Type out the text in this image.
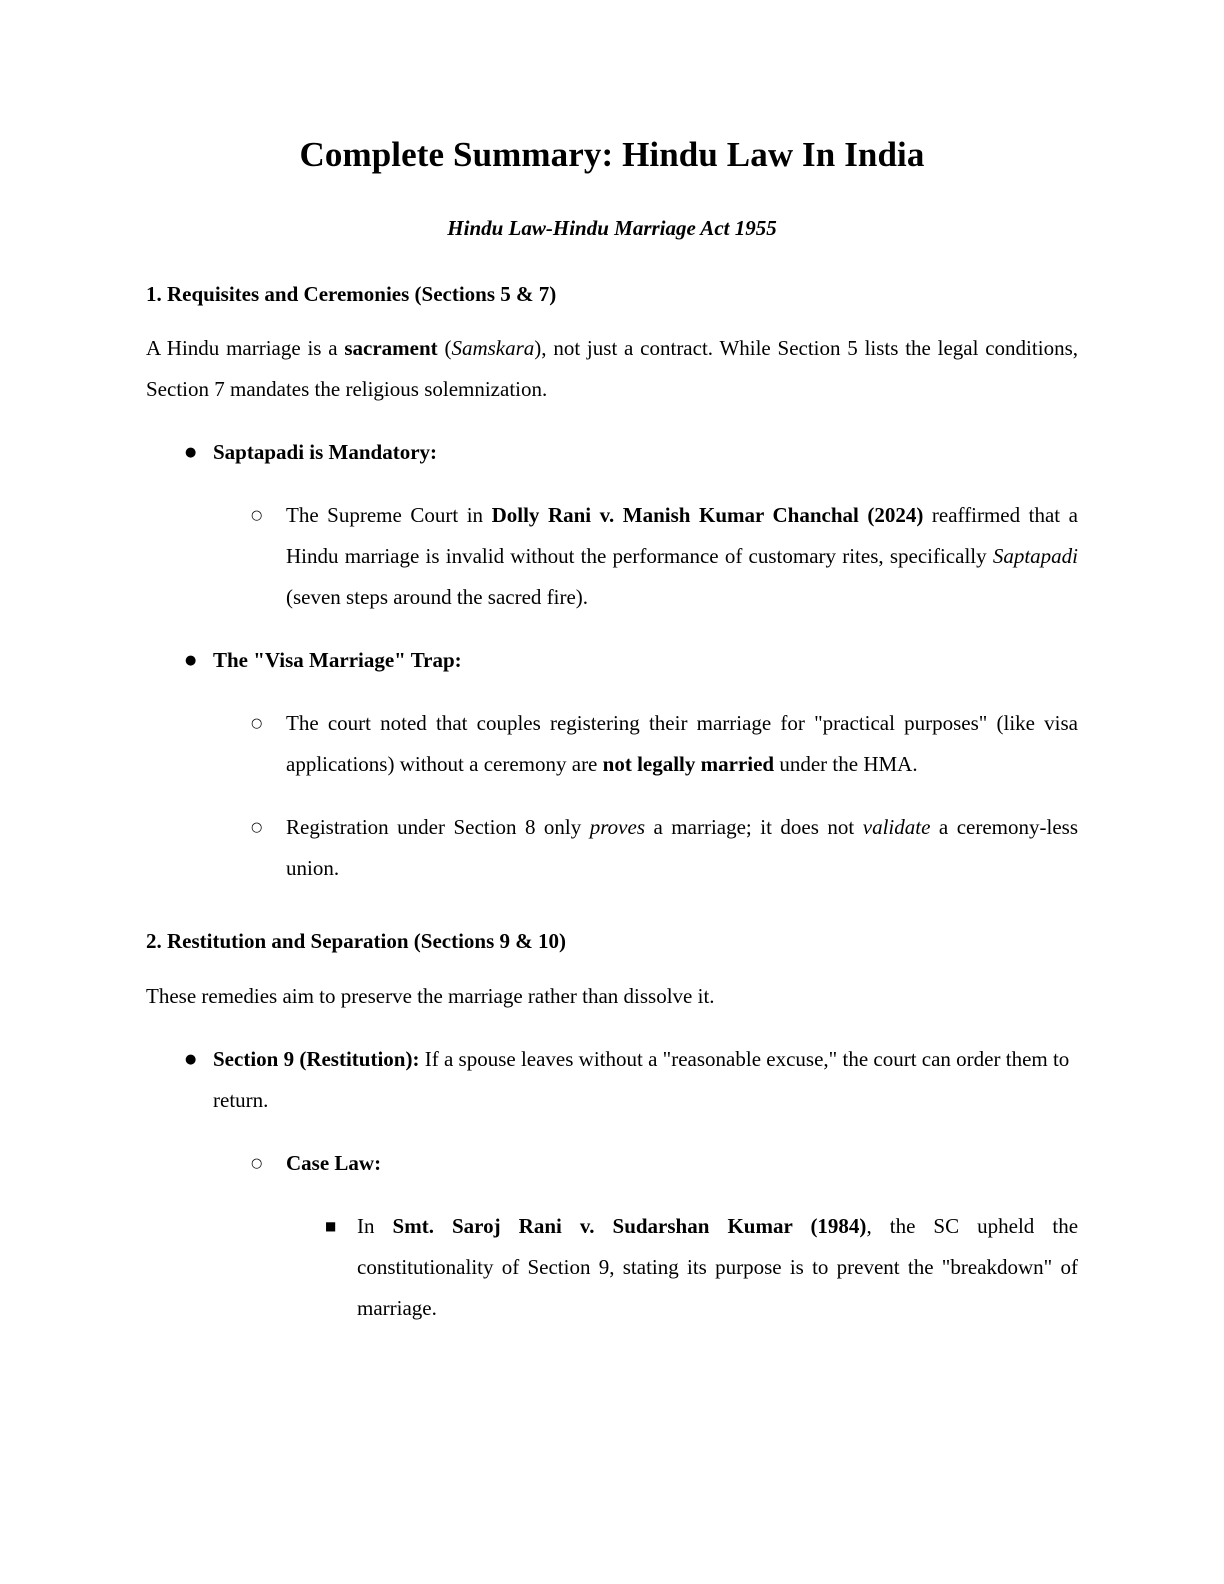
Complete Summary: Hindu Law In India

Hindu Law-Hindu Marriage Act 1955

1. Requisites and Ceremonies (Sections 5 & 7)

A Hindu marriage is a sacrament (Samskara), not just a contract. While Section 5 lists the legal conditions, Section 7 mandates the religious solemnization.

● Saptapadi is Mandatory:
○ The Supreme Court in Dolly Rani v. Manish Kumar Chanchal (2024) reaffirmed that a Hindu marriage is invalid without the performance of customary rites, specifically Saptapadi (seven steps around the sacred fire).
● The "Visa Marriage" Trap:
○ The court noted that couples registering their marriage for "practical purposes" (like visa applications) without a ceremony are not legally married under the HMA.
○ Registration under Section 8 only proves a marriage; it does not validate a ceremony-less union.
2. Restitution and Separation (Sections 9 & 10)

These remedies aim to preserve the marriage rather than dissolve it.

● Section 9 (Restitution): If a spouse leaves without a "reasonable excuse," the court can order them to return.
○ Case Law:
■ In Smt. Saroj Rani v. Sudarshan Kumar (1984), the SC upheld the constitutionality of Section 9, stating its purpose is to prevent the "breakdown" of marriage.
